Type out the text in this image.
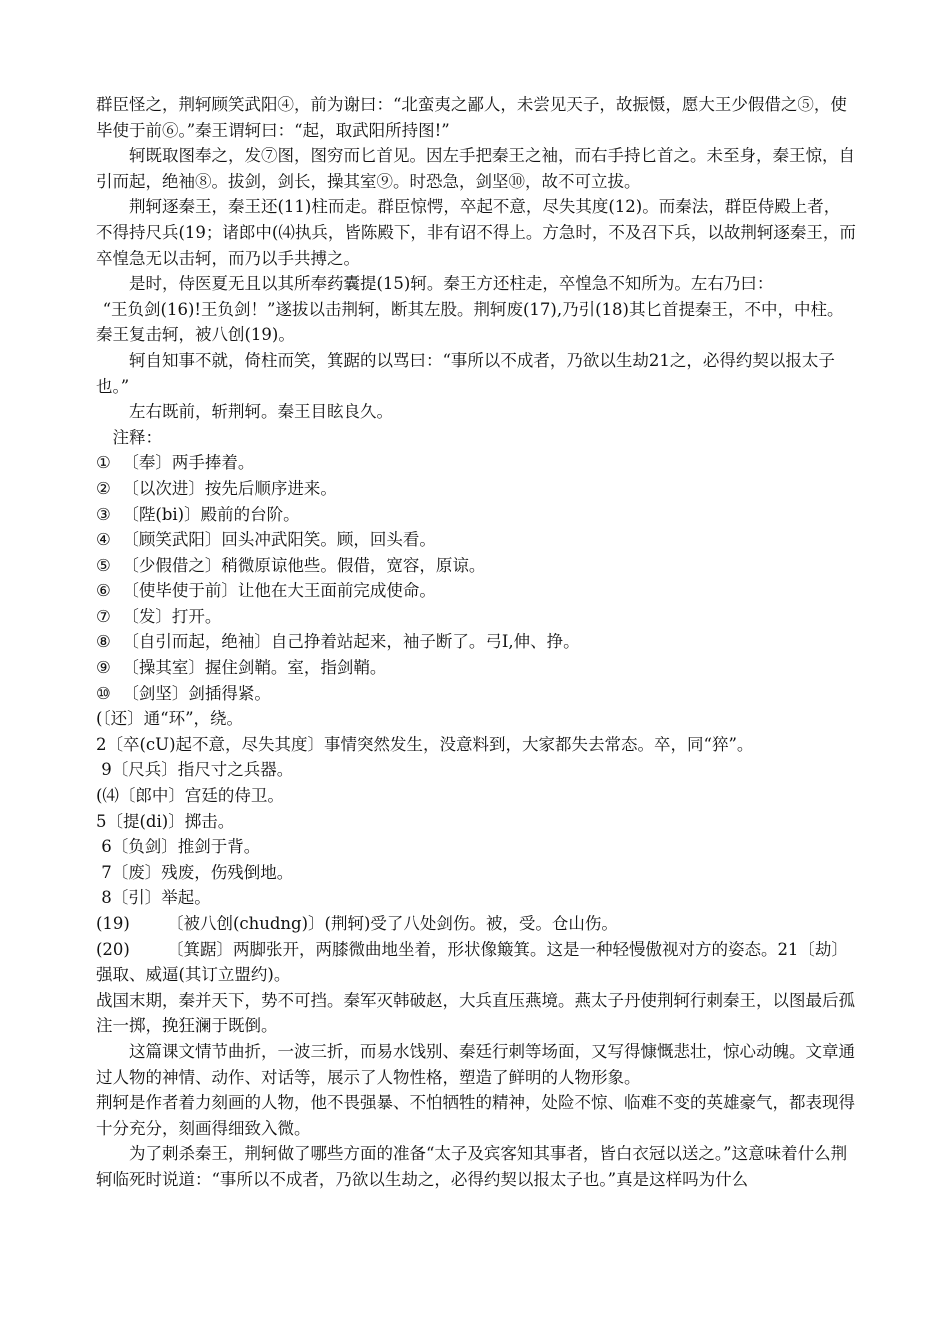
群臣怪之，荆轲顾笑武阳④，前为谢曰：“北蛮夷之鄙人，未尝见天子，故振慑，愿大王少假借之⑤，使毕使于前⑥。”秦王谓轲曰：“起，取武阳所持图!”

轲既取图奉之，发⑦图，图穷而匕首见。因左手把秦王之袖，而右手持匕首之。未至身，秦王惊，自引而起，绝袖⑧。拔剑，剑长，操其室⑨。时恐急，剑坚⑩，故不可立拔。

荆轲逐秦王，秦王还(11)柱而走。群臣惊愕，卒起不意，尽失其度(12)。而秦法，群臣侍殿上者，不得持尺兵(19；诸郎中(⑷执兵，皆陈殿下，非有诏不得上。方急时，不及召下兵，以故荆轲逐秦王，而卒惶急无以击轲，而乃以手共搏之。

是时，侍医夏无且以其所奉药囊提(15)轲。秦王方还柱走，卒惶急不知所为。左右乃曰：

“王负剑(16)!王负剑！”遂拔以击荆轲，断其左股。荆轲废(17),乃引(18)其匕首提秦王，不中，中柱。秦王复击轲，被八创(19)。

轲自知事不就，倚柱而笑，箕踞的以骂曰：“事所以不成者，乃欲以生劫21之，必得约契以报太子也。”

左右既前，斩荆轲。秦王目眩良久。

注释：

① 〔奉〕两手捧着。

② 〔以次进〕按先后顺序进来。

③ 〔陛(bi)〕殿前的台阶。

④ 〔顾笑武阳〕回头冲武阳笑。顾，回头看。

⑤ 〔少假借之〕稍微原谅他些。假借，宽容，原谅。

⑥ 〔使毕使于前〕让他在大王面前完成使命。

⑦ 〔发〕打开。

⑧ 〔自引而起，绝袖〕自己挣着站起来，袖子断了。弓I,伸、挣。

⑨ 〔操其室〕握住剑鞘。室，指剑鞘。

⑩ 〔剑坚〕剑插得紧。

(〔还〕通“环”，绕。

2〔卒(cU)起不意，尽失其度〕事情突然发生，没意料到，大家都失去常态。卒，同“猝”。

9〔尺兵〕指尺寸之兵器。

(⑷〔郎中〕宫廷的侍卫。

5〔提(di)〕掷击。

6〔负剑〕推剑于背。

7〔废〕残废，伤残倒地。

8〔引〕举起。

(19) 〔被八创(chudng)〕(荆轲)受了八处剑伤。被，受。仓山伤。

(20) 〔箕踞〕两脚张开，两膝微曲地坐着，形状像簸箕。这是一种轻慢傲视对方的姿态。21〔劫〕强取、威逼(其订立盟约)。

战国末期，秦并天下，势不可挡。秦军灭韩破赵，大兵直压燕境。燕太子丹使荆轲行刺秦王，以图最后孤注一掷，挽狂澜于既倒。

这篇课文情节曲折，一波三折，而易水饯别、秦廷行刺等场面，又写得慷慨悲壮，惊心动魄。文章通过人物的神情、动作、对话等，展示了人物性格，塑造了鲜明的人物形象。

荆轲是作者着力刻画的人物，他不畏强暴、不怕牺牲的精神，处险不惊、临难不变的英雄豪气，都表现得十分充分，刻画得细致入微。

为了刺杀秦王，荆轲做了哪些方面的准备“太子及宾客知其事者，皆白衣冠以送之。”这意味着什么荆轲临死时说道：“事所以不成者，乃欲以生劫之，必得约契以报太子也。”真是这样吗为什么
